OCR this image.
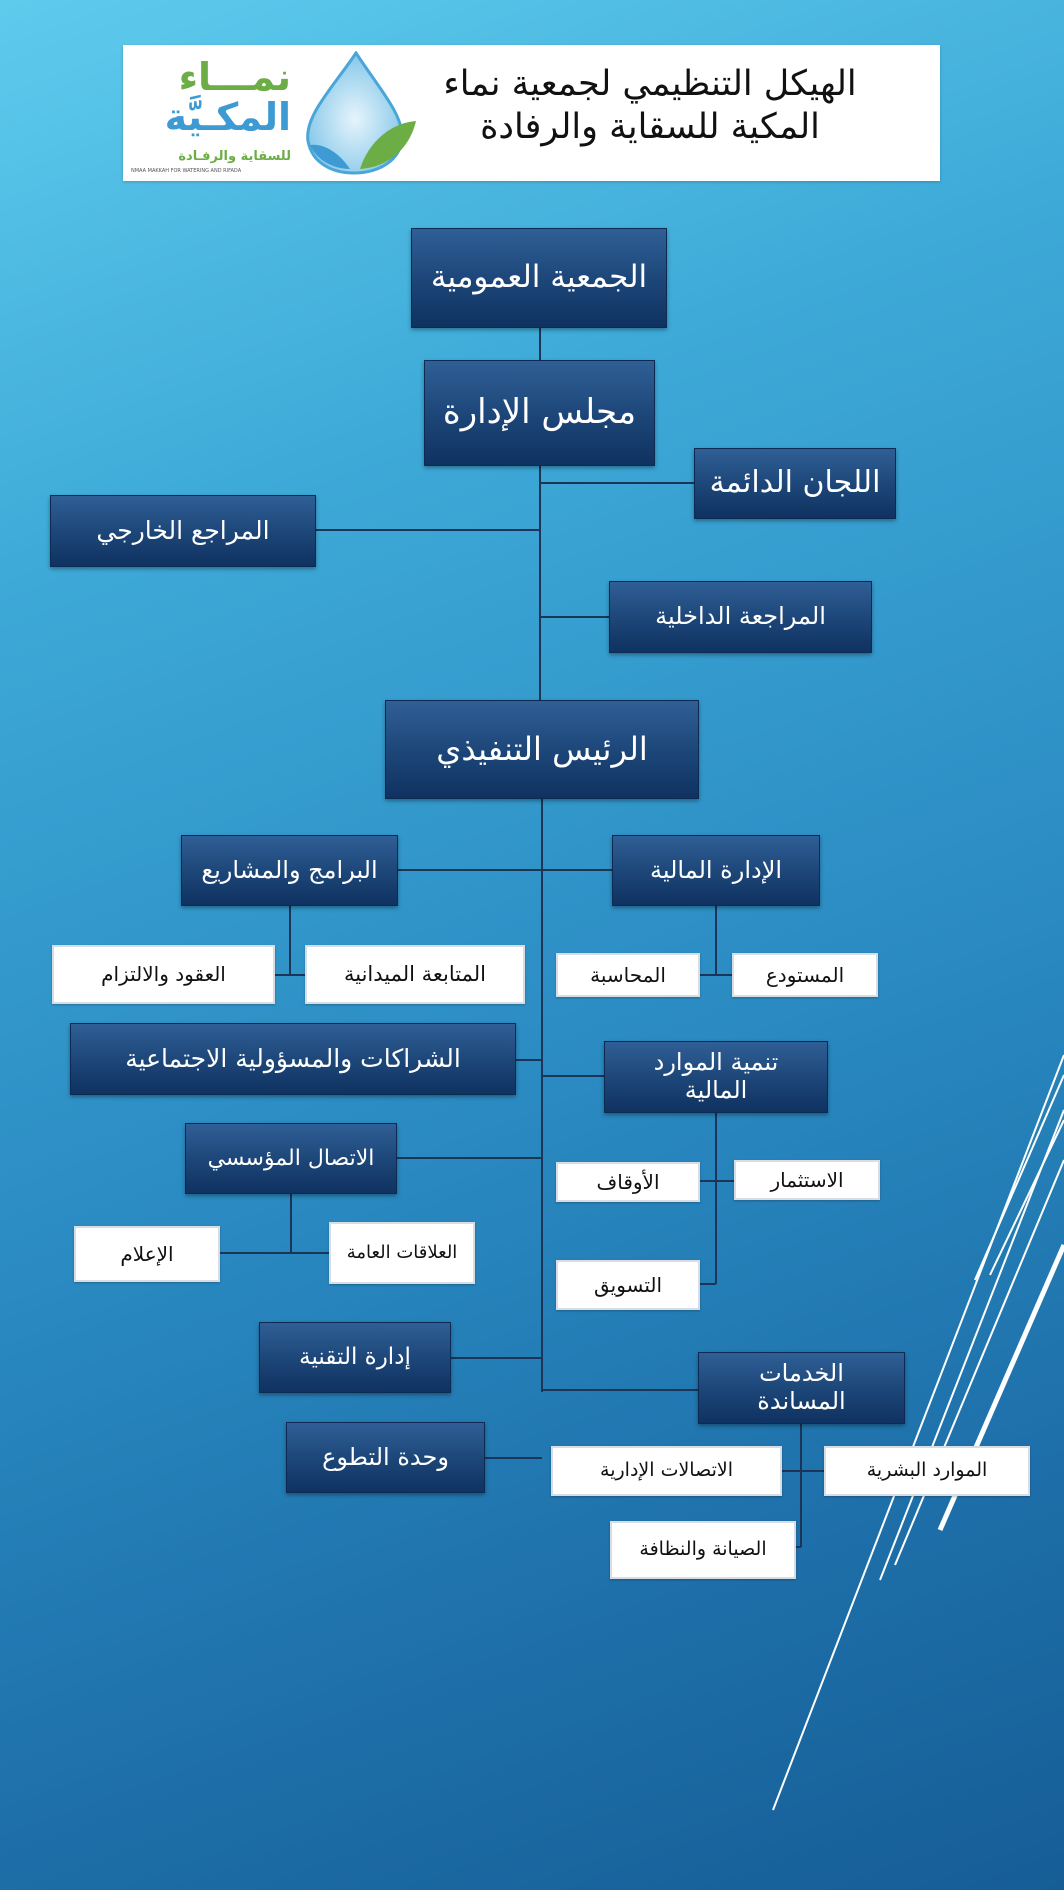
الهيكل التنظيمي لجمعية نماء
المكية للسقاية والرفادة
نمـــاء
المكـيَّة
للسقاية والرفـادة
NMAA MAKKAH FOR WATERING AND RIFADA
الجمعية العمومية
مجلس الإدارة
اللجان الدائمة
المراجع الخارجي
المراجعة الداخلية
الرئيس التنفيذي
البرامج والمشاريع	الإدارة المالية
العقود والالتزام	المتابعة الميدانية	المحاسبة	المستودع
الشراكات والمسؤولية الاجتماعية	تنمية الموارد المالية
الاتصال المؤسسي
الأوقاف	الاستثمار
الإعلام	العلاقات العامة
التسويق
إدارة التقنية
الخدمات المساندة
وحدة التطوع	الاتصالات الإدارية	الموارد البشرية
الصيانة والنظافة
